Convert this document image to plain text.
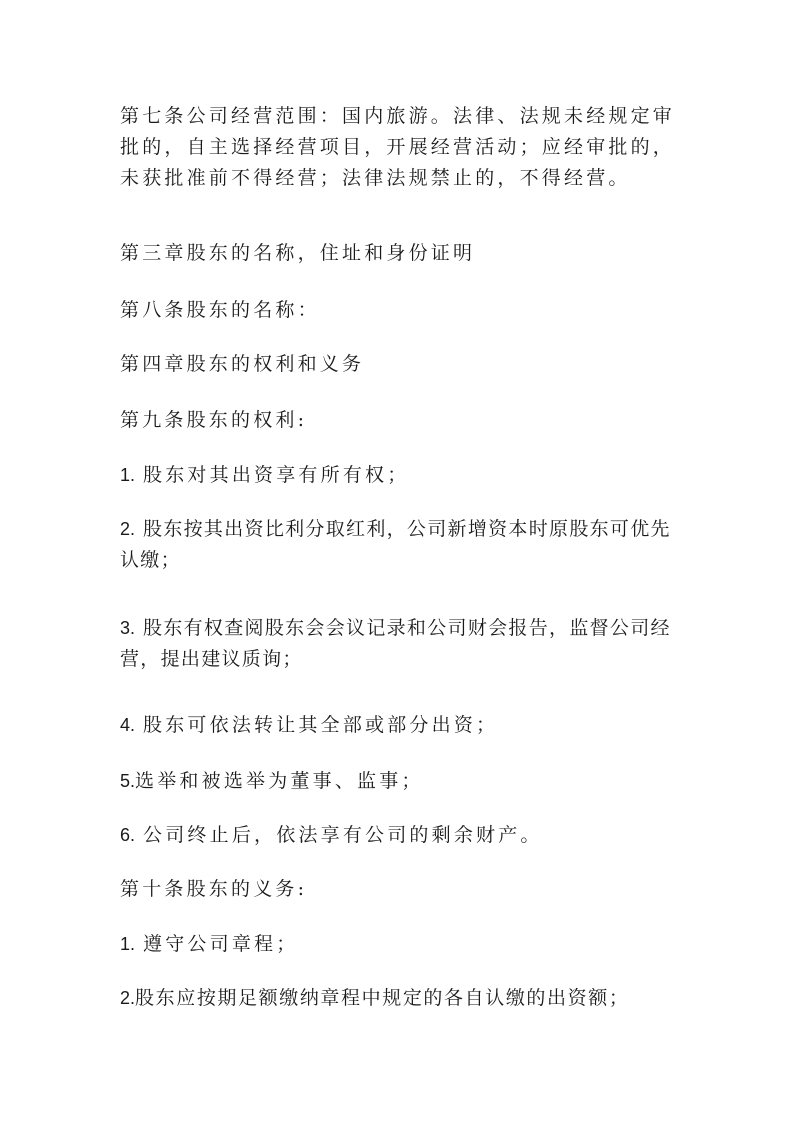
第七条公司经营范围：国内旅游。法律、法规未经规定审批的，自主选择经营项目，开展经营活动；应经审批的，未获批准前不得经营；法律法规禁止的，不得经营。

第三章股东的名称，住址和身份证明

第八条股东的名称：

第四章股东的权利和义务

第九条股东的权利:

1. 股东对其出资享有所有权；

2. 股东按其出资比利分取红利，公司新增资本时原股东可优先认缴；

3. 股东有权查阅股东会会议记录和公司财会报告，监督公司经营，提出建议质询；

4. 股东可依法转让其全部或部分出资；

5.选举和被选举为董事、监事；

6. 公司终止后，依法享有公司的剩余财产。

第十条股东的义务:

1. 遵守公司章程；

2.股东应按期足额缴纳章程中规定的各自认缴的出资额；
